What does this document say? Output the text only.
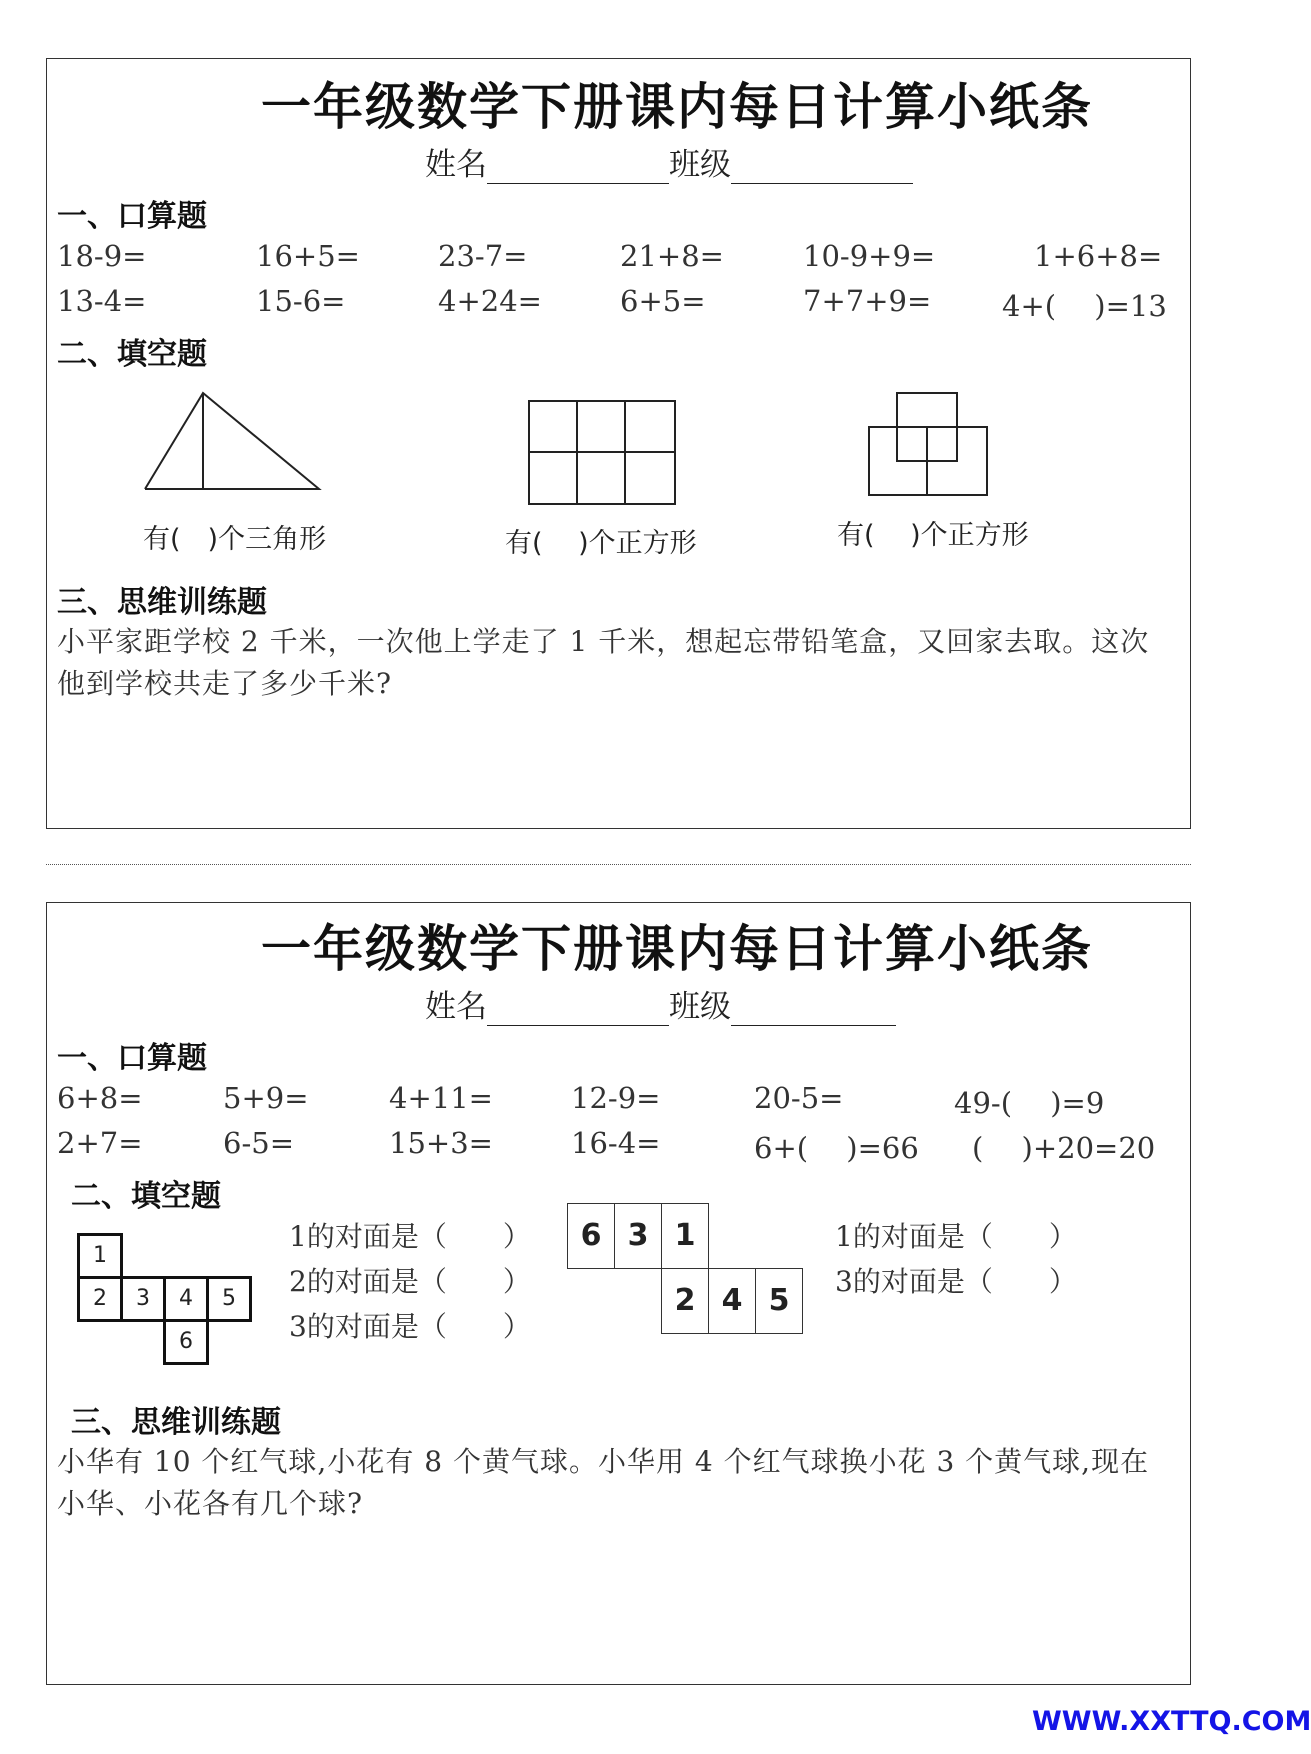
一年级数学下册课内每日计算小纸条
姓名	班级
一、口算题
18-9=	16+5=	23-7=	21+8=	10-9+9=	1+6+8=
13-4=	15-6=	4+24=	6+5=	7+7+9= 4+(　 )=13
二、填空题
有(　)个三角形	有(　 )个正方形	有(　 )个正方形
三、思维训练题
小平家距学校 2 千米，一次他上学走了 1 千米，想起忘带铅笔盒，又回家去取。这次他到学校共走了多少千米?
一年级数学下册课内每日计算小纸条
姓名	班级
一、口算题
6+8=	5+9=	4+11=	12-9=	20-5=	49-(　 )=9
2+7=	6-5=	15+3=	16-4=	6+(　 )=66 (　 )+20=20
二、填空题
1
2	3	4	5
6
1的对面是（　　）
2的对面是（　　）
3的对面是（　　）
6 3 1
2 4 5
1的对面是（　　）
3的对面是（　　）
三、思维训练题
小华有 10 个红气球,小花有 8 个黄气球。小华用 4 个红气球换小花 3 个黄气球,现在小华、小花各有几个球?
WWW.XXTTQ.COM
